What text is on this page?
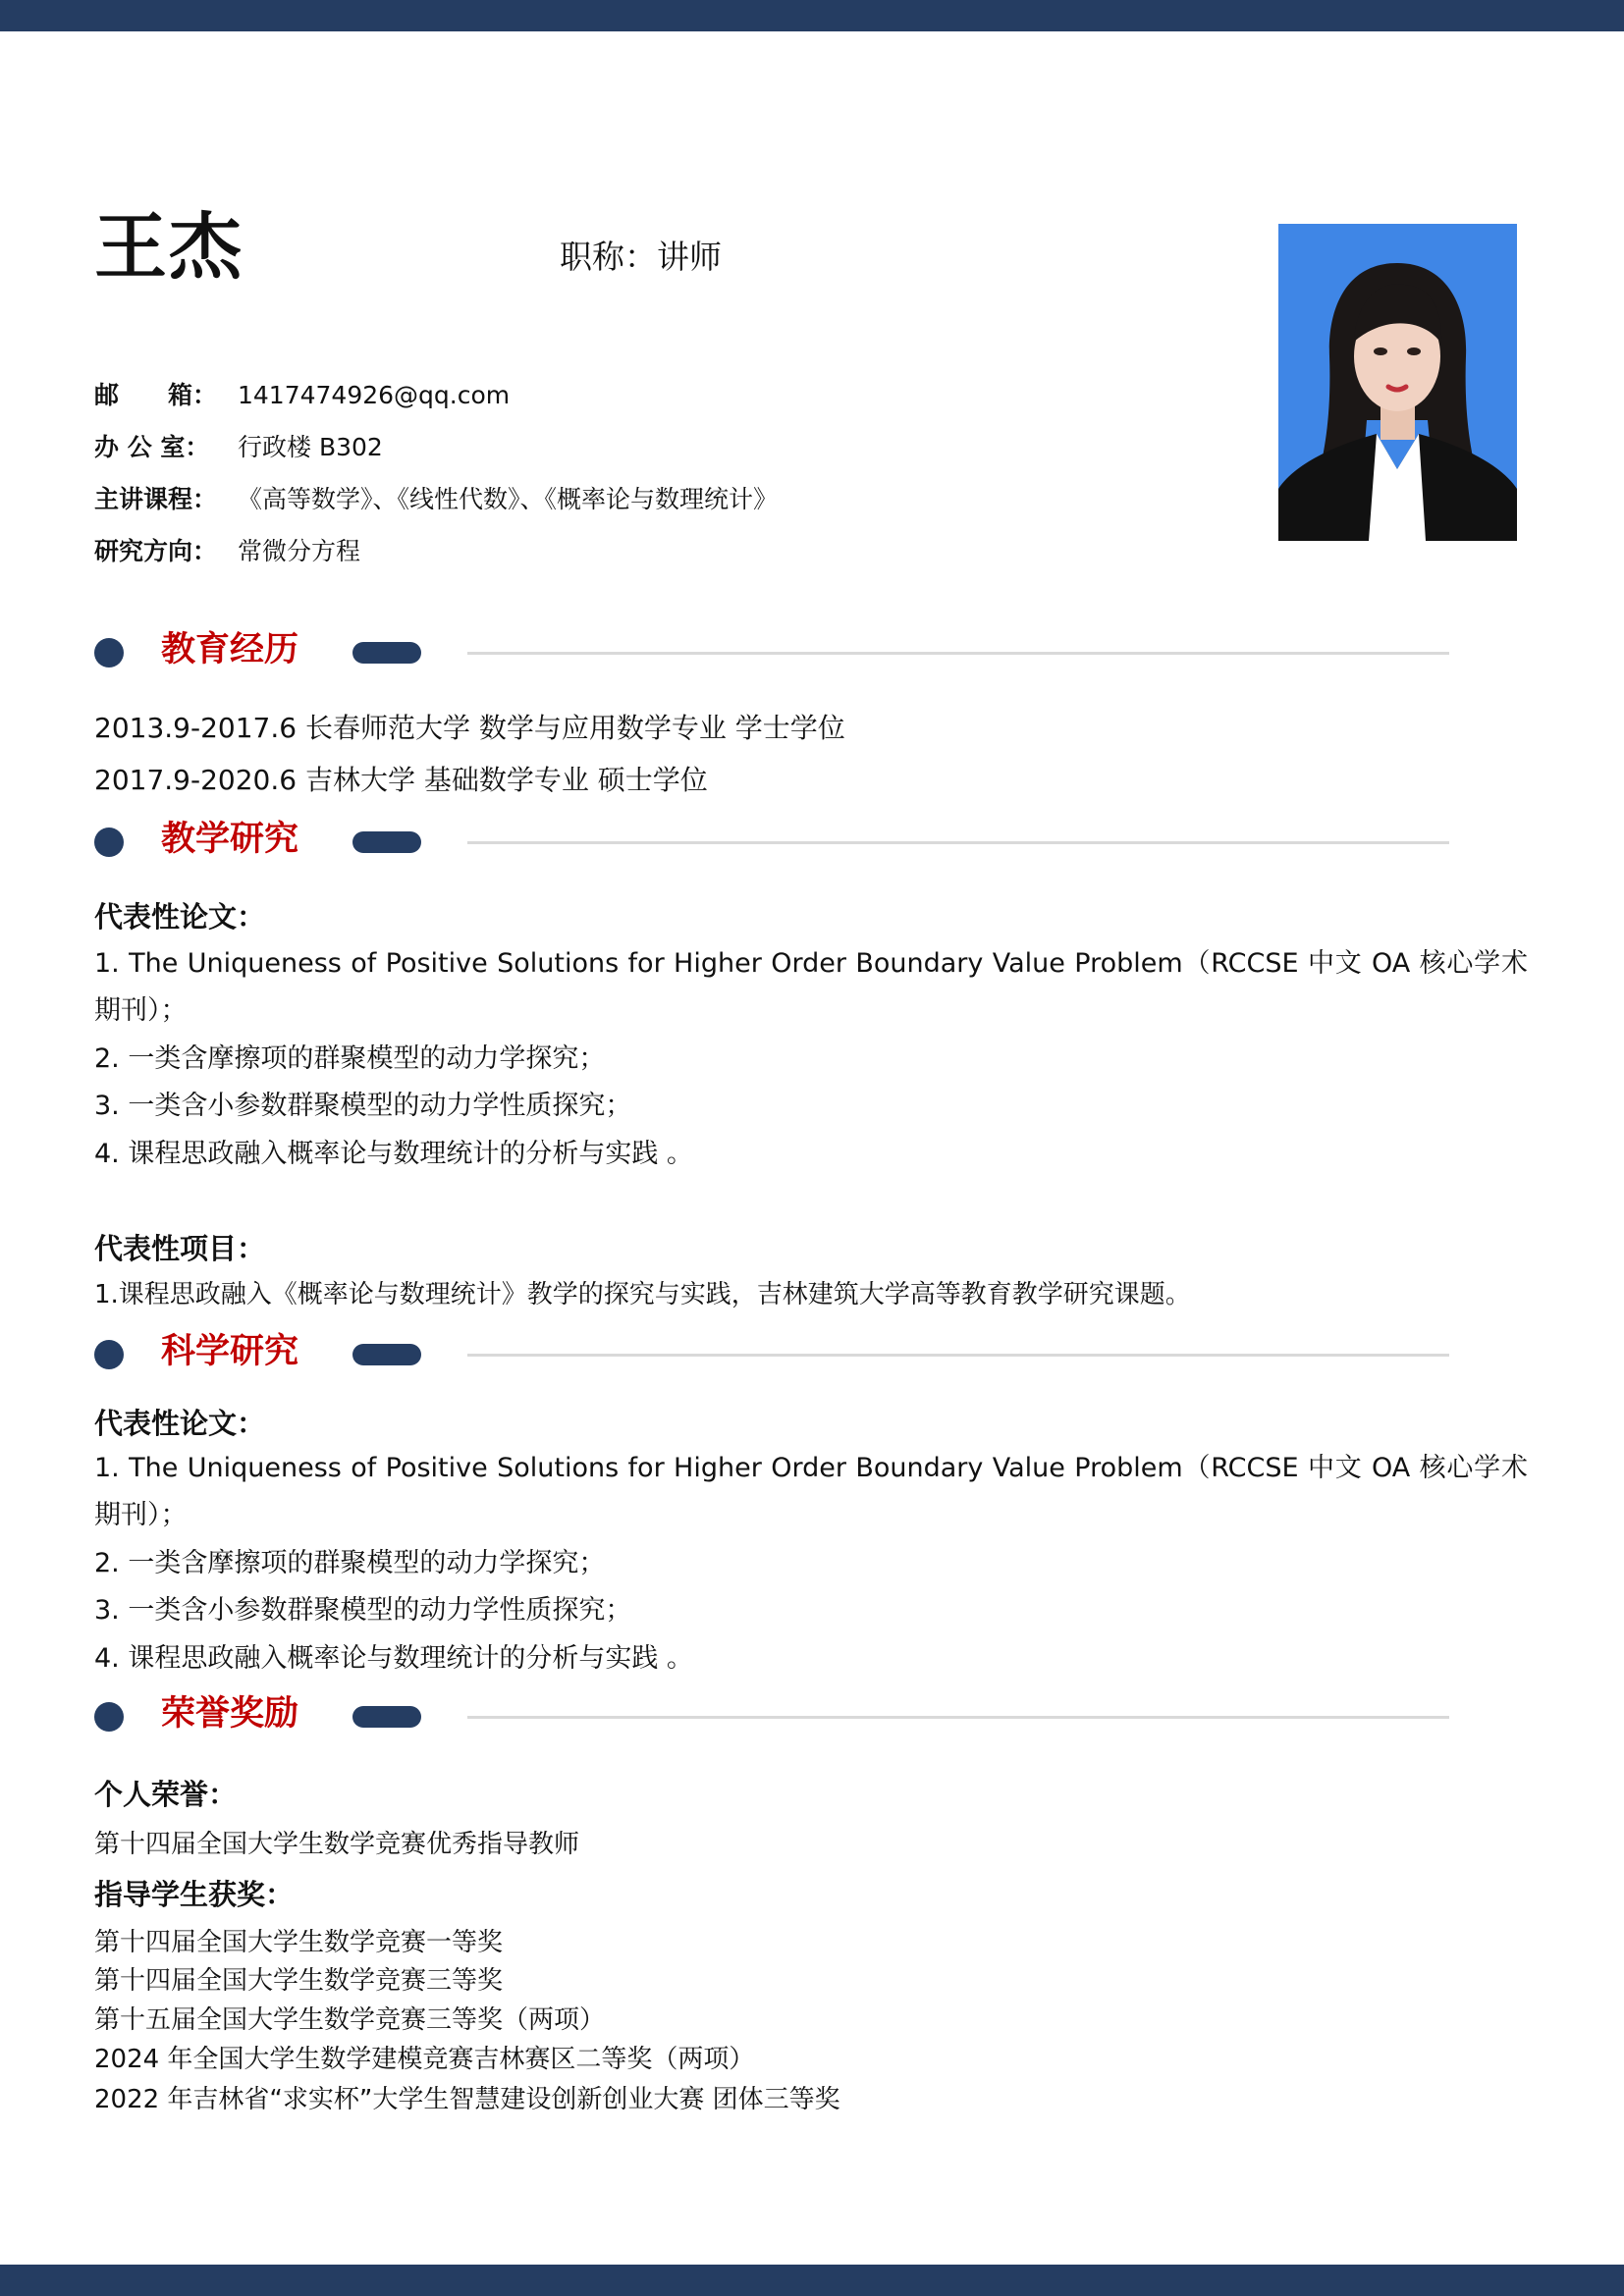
王杰	职称：讲师
邮　　箱： 1417474926@qq.com
办 公 室： 行政楼 B302
主讲课程： 《高等数学》、《线性代数》、《概率论与数理统计》
研究方向： 常微分方程
教育经历
2013.9-2017.6 长春师范大学 数学与应用数学专业 学士学位
2017.9-2020.6 吉林大学 基础数学专业 硕士学位
教学研究
代表性论文：
1. The Uniqueness of Positive Solutions for Higher Order Boundary Value Problem（RCCSE 中文 OA 核心学术期刊）；
2. 一类含摩擦项的群聚模型的动力学探究；
3. 一类含小参数群聚模型的动力学性质探究；
4. 课程思政融入概率论与数理统计的分析与实践 。
代表性项目：
1.课程思政融入《概率论与数理统计》教学的探究与实践，吉林建筑大学高等教育教学研究课题。
科学研究
代表性论文：
1. The Uniqueness of Positive Solutions for Higher Order Boundary Value Problem（RCCSE 中文 OA 核心学术期刊）；
2. 一类含摩擦项的群聚模型的动力学探究；
3. 一类含小参数群聚模型的动力学性质探究；
4. 课程思政融入概率论与数理统计的分析与实践 。
荣誉奖励
个人荣誉：
第十四届全国大学生数学竞赛优秀指导教师
指导学生获奖：
第十四届全国大学生数学竞赛一等奖
第十四届全国大学生数学竞赛三等奖
第十五届全国大学生数学竞赛三等奖（两项）
2024 年全国大学生数学建模竞赛吉林赛区二等奖（两项）
2022 年吉林省“求实杯”大学生智慧建设创新创业大赛 团体三等奖
